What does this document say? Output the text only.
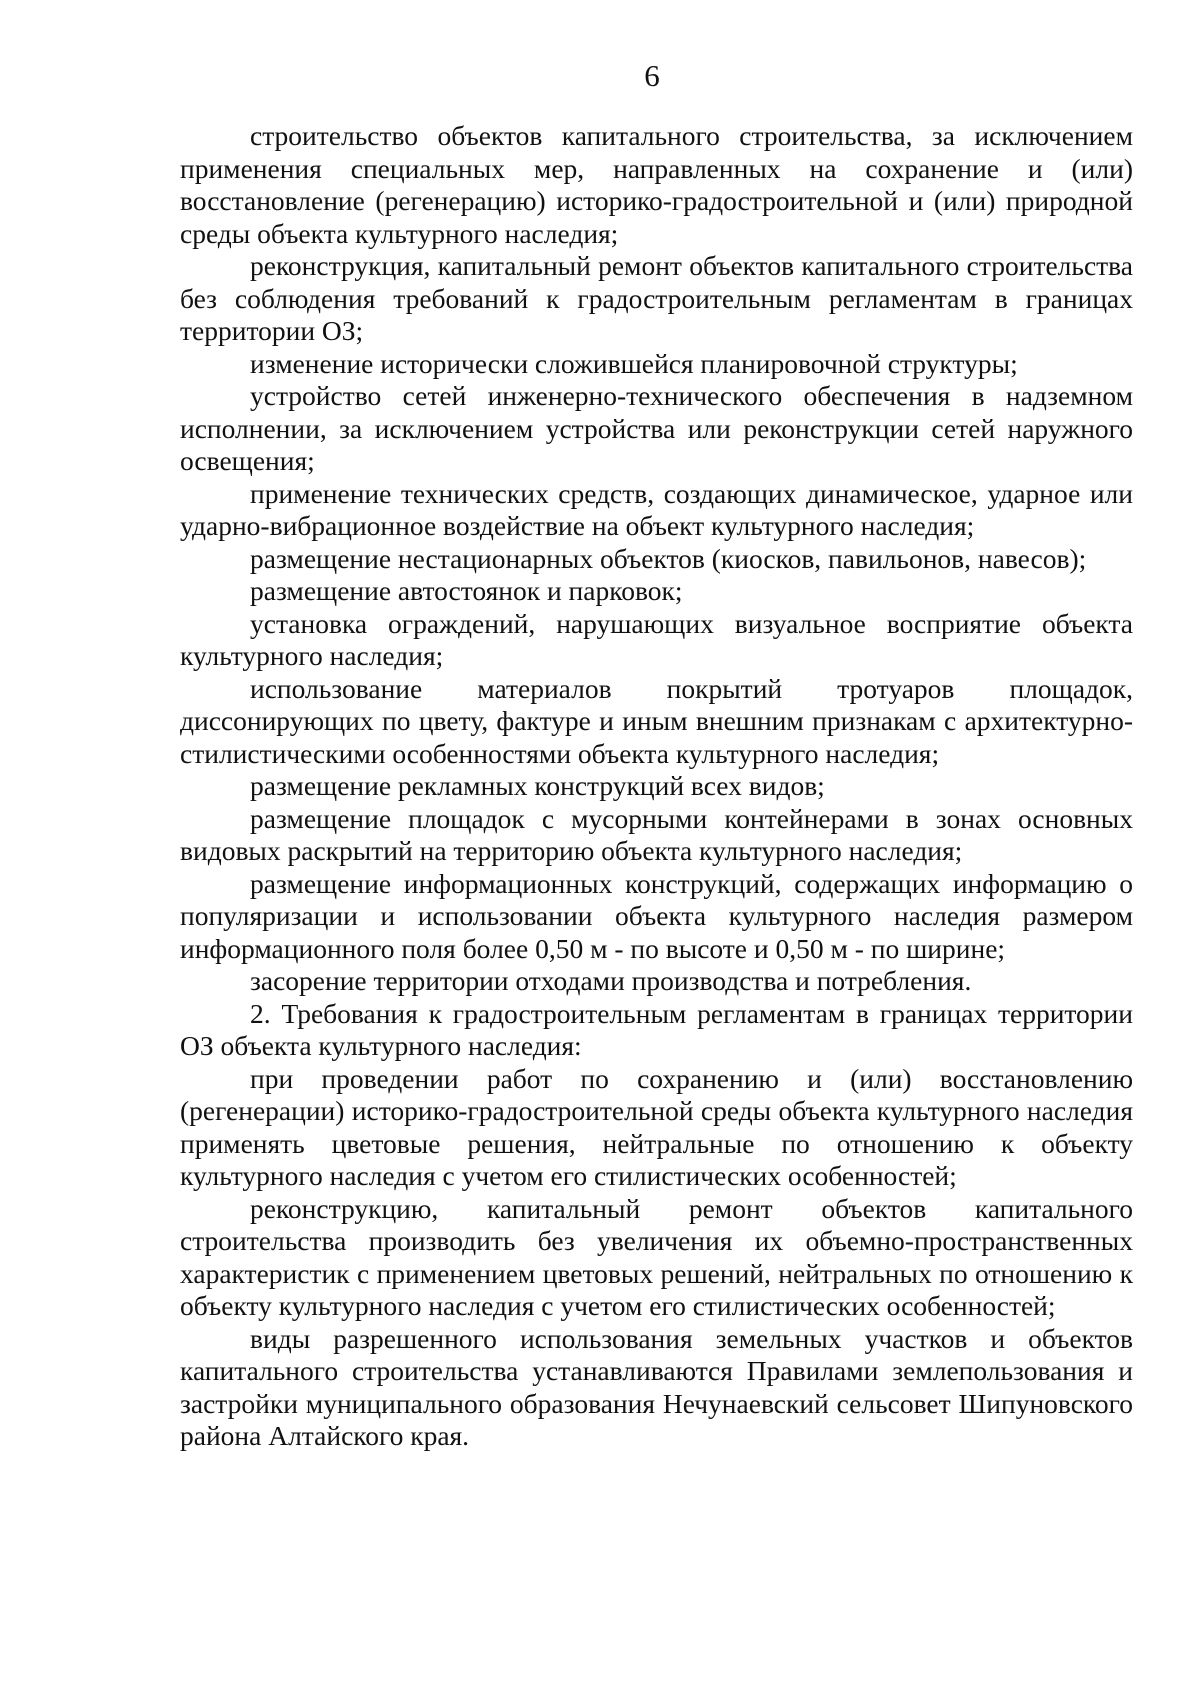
6

строительство объектов капитального строительства, за исключением применения специальных мер, направленных на сохранение и (или) восстановление (регенерацию) историко-градостроительной и (или) природной среды объекта культурного наследия;

реконструкция, капитальный ремонт объектов капитального строительства без соблюдения требований к градостроительным регламентам в границах территории ОЗ;

изменение исторически сложившейся планировочной структуры;

устройство сетей инженерно-технического обеспечения в надземном исполнении, за исключением устройства или реконструкции сетей наружного освещения;

применение технических средств, создающих динамическое, ударное или ударно-вибрационное воздействие на объект культурного наследия;

размещение нестационарных объектов (киосков, павильонов, навесов);

размещение автостоянок и парковок;

установка ограждений, нарушающих визуальное восприятие объекта культурного наследия;

использование материалов покрытий тротуаров площадок, диссонирующих по цвету, фактуре и иным внешним признакам с архитектурно-стилистическими особенностями объекта культурного наследия;

размещение рекламных конструкций всех видов;

размещение площадок с мусорными контейнерами в зонах основных видовых раскрытий на территорию объекта культурного наследия;

размещение информационных конструкций, содержащих информацию о популяризации и использовании объекта культурного наследия размером информационного поля более 0,50 м - по высоте и 0,50 м - по ширине;

засорение территории отходами производства и потребления.

2. Требования к градостроительным регламентам в границах территории ОЗ объекта культурного наследия:

при проведении работ по сохранению и (или) восстановлению (регенерации) историко-градостроительной среды объекта культурного наследия применять цветовые решения, нейтральные по отношению к объекту культурного наследия с учетом его стилистических особенностей;

реконструкцию, капитальный ремонт объектов капитального строительства производить без увеличения их объемно-пространственных характеристик с применением цветовых решений, нейтральных по отношению к объекту культурного наследия с учетом его стилистических особенностей;

виды разрешенного использования земельных участков и объектов капитального строительства устанавливаются Правилами землепользования и застройки муниципального образования Нечунаевский сельсовет Шипуновского района Алтайского края.
